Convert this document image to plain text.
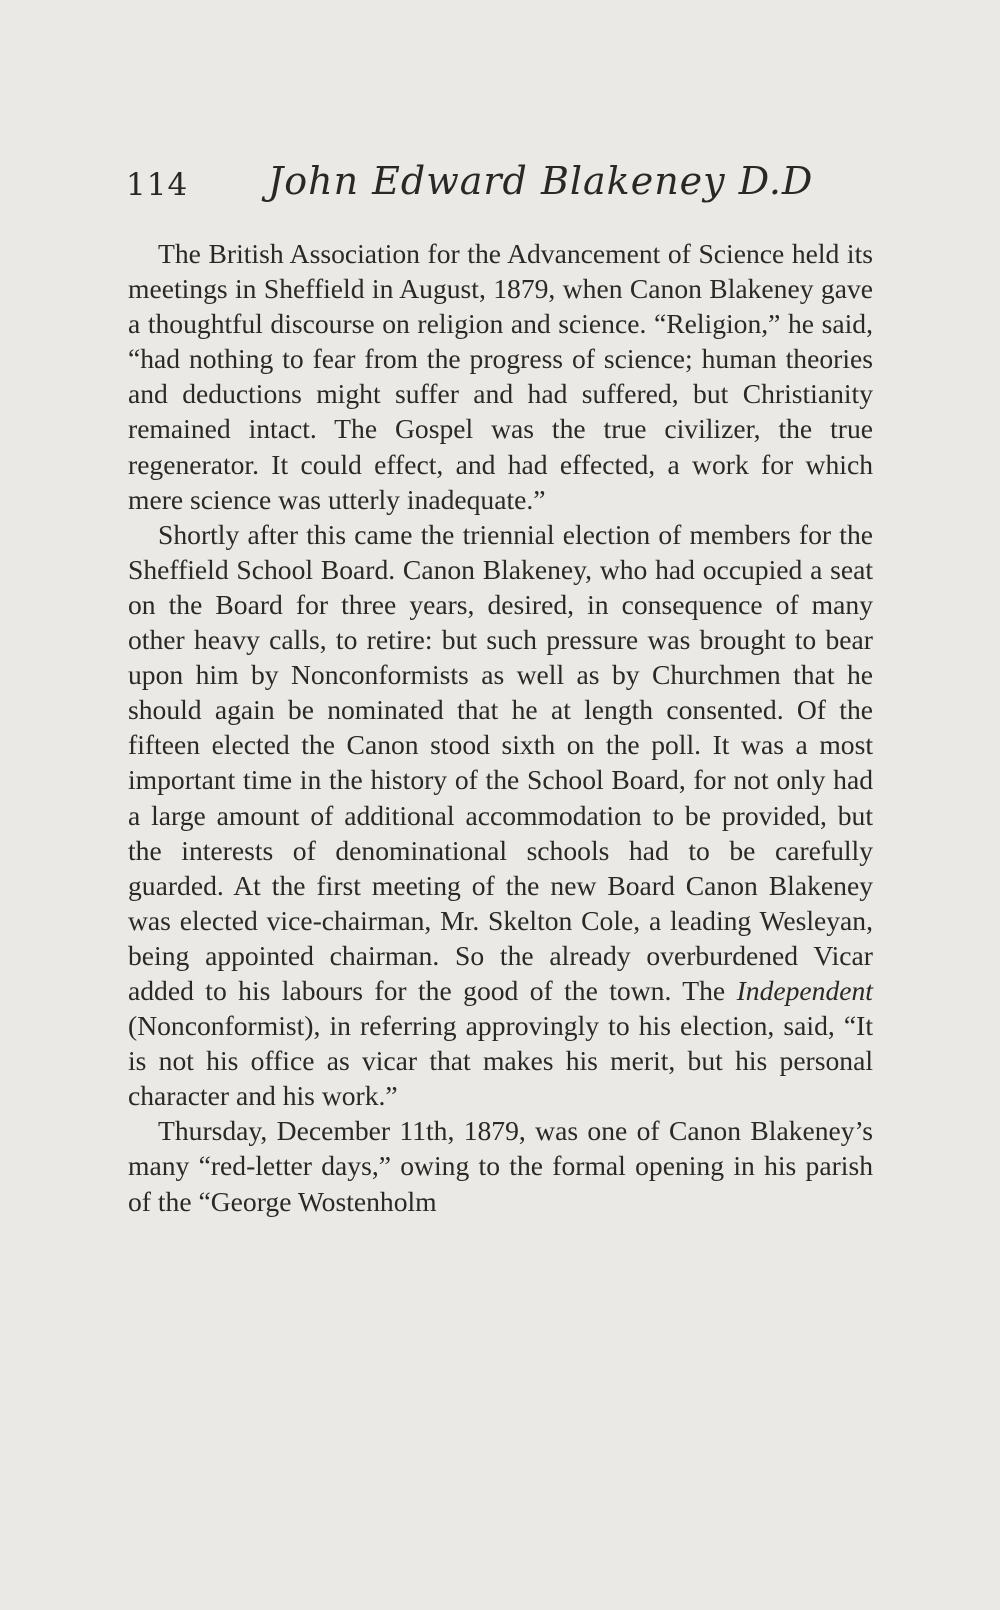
114 John Edward Blakeney D.D

The British Association for the Advancement of Science held its meetings in Sheffield in August, 1879, when Canon Blakeney gave a thoughtful discourse on religion and science. “Religion,” he said, “had nothing to fear from the progress of science; human theories and deductions might suffer and had suffered, but Christianity remained intact. The Gospel was the true civilizer, the true regenerator. It could effect, and had effected, a work for which mere science was utterly inadequate.”

Shortly after this came the triennial election of members for the Sheffield School Board. Canon Blakeney, who had occupied a seat on the Board for three years, desired, in consequence of many other heavy calls, to retire: but such pressure was brought to bear upon him by Nonconformists as well as by Churchmen that he should again be nominated that he at length consented. Of the fifteen elected the Canon stood sixth on the poll. It was a most important time in the history of the School Board, for not only had a large amount of additional accommodation to be provided, but the interests of denominational schools had to be carefully guarded. At the first meeting of the new Board Canon Blakeney was elected vice-chairman, Mr. Skelton Cole, a leading Wesleyan, being appointed chairman. So the already overburdened Vicar added to his labours for the good of the town. The Independent (Nonconformist), in referring approvingly to his election, said, “It is not his office as vicar that makes his merit, but his personal character and his work.”

Thursday, December 11th, 1879, was one of Canon Blakeney’s many “red-letter days,” owing to the formal opening in his parish of the “George Wostenholm
